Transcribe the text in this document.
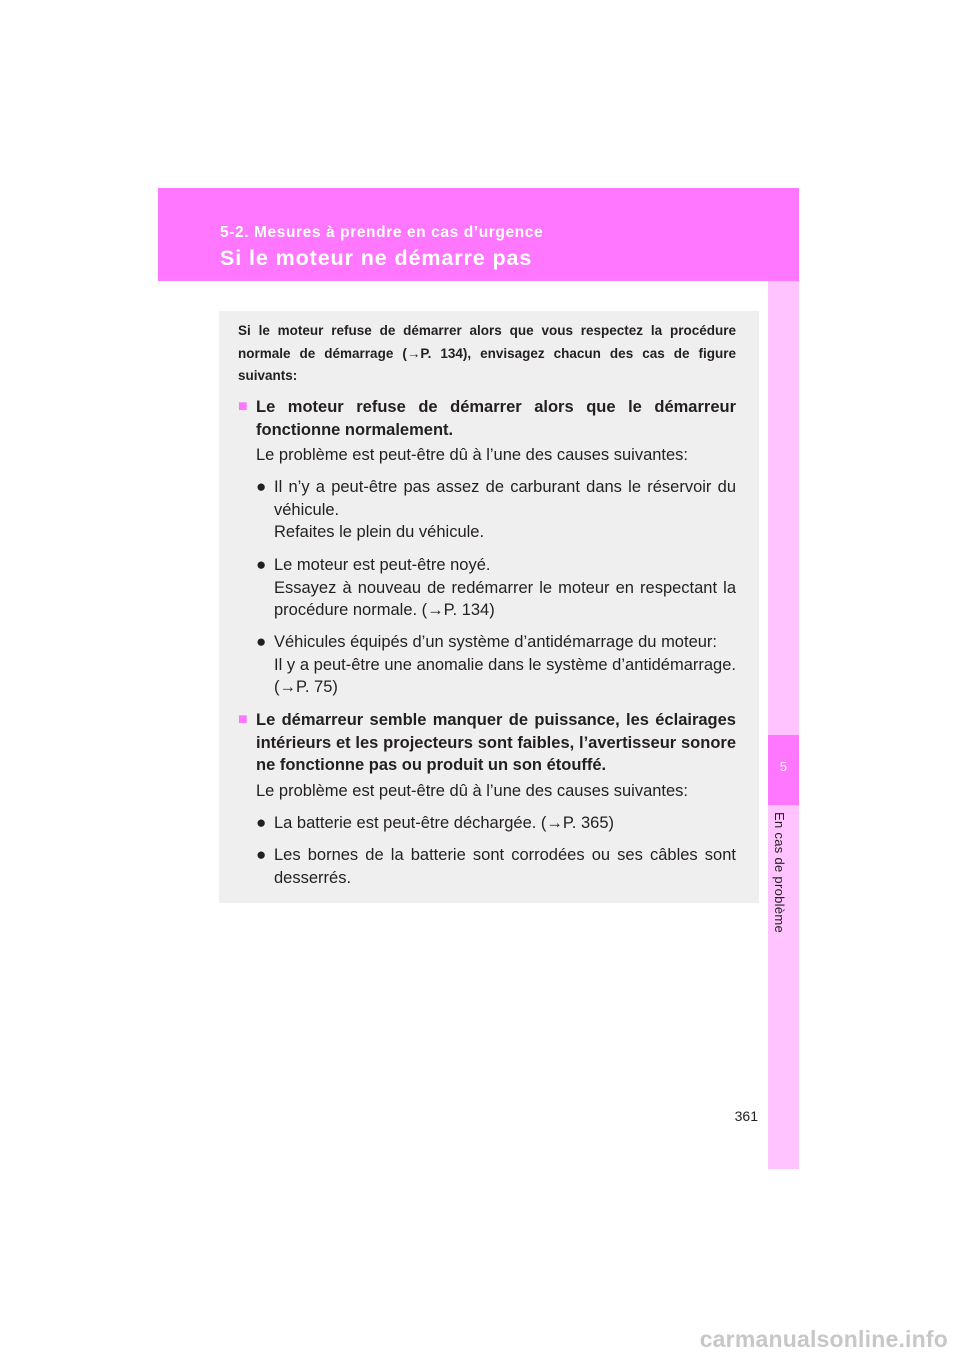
5-2. Mesures à prendre en cas d’urgence
Si le moteur ne démarre pas
5
En cas de problème
Si le moteur refuse de démarrer alors que vous respectez la procédure normale de démarrage (→P. 134), envisagez chacun des cas de figure suivants:
■ Le moteur refuse de démarrer alors que le démarreur fonctionne normalement.
Le problème est peut-être dû à l’une des causes suivantes:
● Il n’y a peut-être pas assez de carburant dans le réservoir du véhicule.
Refaites le plein du véhicule.
● Le moteur est peut-être noyé.
Essayez à nouveau de redémarrer le moteur en respectant la procédure normale. (→P. 134)
● Véhicules équipés d’un système d’antidémarrage du moteur:
Il y a peut-être une anomalie dans le système d’antidémarrage. (→P. 75)
■ Le démarreur semble manquer de puissance, les éclairages intérieurs et les projecteurs sont faibles, l’avertisseur sonore ne fonctionne pas ou produit un son étouffé.
Le problème est peut-être dû à l’une des causes suivantes:
● La batterie est peut-être déchargée. (→P. 365)
● Les bornes de la batterie sont corrodées ou ses câbles sont desserrés.
361
carmanualsonline.info
